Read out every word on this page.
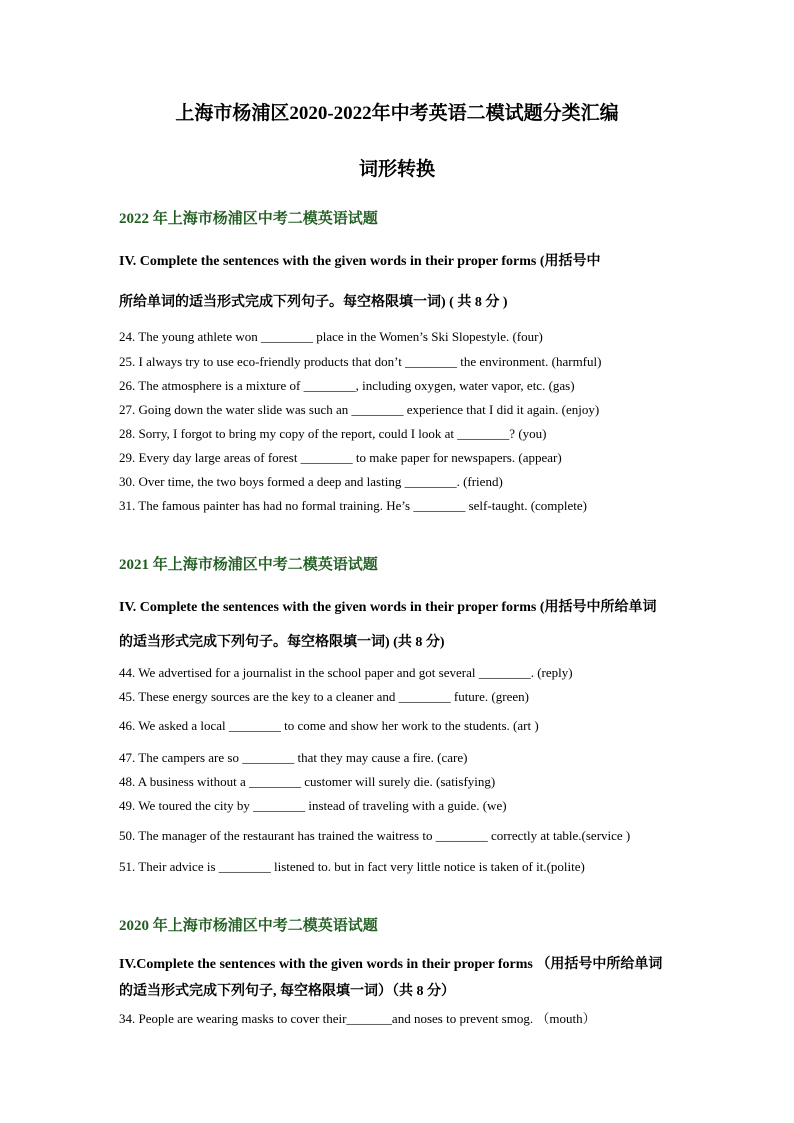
上海市杨浦区2020-2022年中考英语二模试题分类汇编
词形转换
2022 年上海市杨浦区中考二模英语试题
IV. Complete the sentences with the given words in their proper forms (用括号中
所给单词的适当形式完成下列句子。每空格限填一词) ( 共 8 分 )
24. The young athlete won ________ place in the Women’s Ski Slopestyle. (four)
25. I always try to use eco-friendly products that don’t ________ the environment. (harmful)
26. The atmosphere is a mixture of ________, including oxygen, water vapor, etc. (gas)
27. Going down the water slide was such an ________ experience that I did it again. (enjoy)
28. Sorry, I forgot to bring my copy of the report, could I look at ________? (you)
29. Every day large areas of forest ________ to make paper for newspapers. (appear)
30. Over time, the two boys formed a deep and lasting ________. (friend)
31. The famous painter has had no formal training. He’s ________ self-taught. (complete)
2021 年上海市杨浦区中考二模英语试题
IV. Complete the sentences with the given words in their proper forms (用括号中所给单词
的适当形式完成下列句子。每空格限填一词) (共 8 分)
44. We advertised for a journalist in the school paper and got several ________. (reply)
45. These energy sources are the key to a cleaner and ________ future. (green)
46. We asked a local ________ to come and show her work to the students. (art )
47. The campers are so ________ that they may cause a fire. (care)
48. A business without a ________ customer will surely die. (satisfying)
49. We toured the city by ________ instead of traveling with a guide. (we)
50. The manager of the restaurant has trained the waitress to ________ correctly at table.(service )
51. Their advice is ________ listened to. but in fact very little notice is taken of it.(polite)
2020 年上海市杨浦区中考二模英语试题
IV.Complete the sentences with the given words in their proper forms （用括号中所给单词
的适当形式完成下列句子, 每空格限填一词）（共 8 分）
34. People are wearing masks to cover their_______and noses to prevent smog. （mouth）
